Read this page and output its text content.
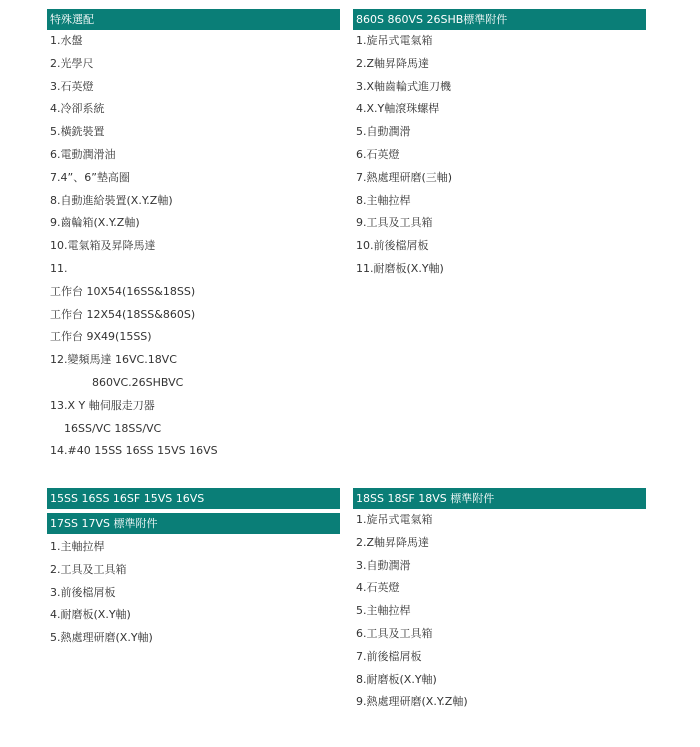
特殊選配
1.水盤
2.光學尺
3.石英燈
4.冷卻系統
5.橫銑裝置
6.電動潤滑油
7.4”、6”墊高圈
8.自動進給裝置(X.Y.Z軸)
9.齒輪箱(X.Y.Z軸)
10.電氣箱及昇降馬達
11.
工作台 10X54(16SS&18SS)
工作台 12X54(18SS&860S)
工作台 9X49(15SS)
12.變頻馬達 16VC.18VC
860VC.26SHBVC
13.X Y 軸伺服走刀器
16SS/VC 18SS/VC
14.#40 15SS 16SS 15VS 16VS
860S 860VS 26SHB標準附件
1.旋吊式電氣箱
2.Z軸昇降馬達
3.X軸齒輪式進刀機
4.X.Y軸滾珠螺桿
5.自動潤滑
6.石英燈
7.熱處理研磨(三軸)
8.主軸拉桿
9.工具及工具箱
10.前後檔屑板
11.耐磨板(X.Y軸)
15SS 16SS 16SF 15VS 16VS
17SS 17VS 標準附件
1.主軸拉桿
2.工具及工具箱
3.前後檔屑板
4.耐磨板(X.Y軸)
5.熱處理研磨(X.Y軸)
18SS 18SF 18VS 標準附件
1.旋吊式電氣箱
2.Z軸昇降馬達
3.自動潤滑
4.石英燈
5.主軸拉桿
6.工具及工具箱
7.前後檔屑板
8.耐磨板(X.Y軸)
9.熱處理研磨(X.Y.Z軸)
